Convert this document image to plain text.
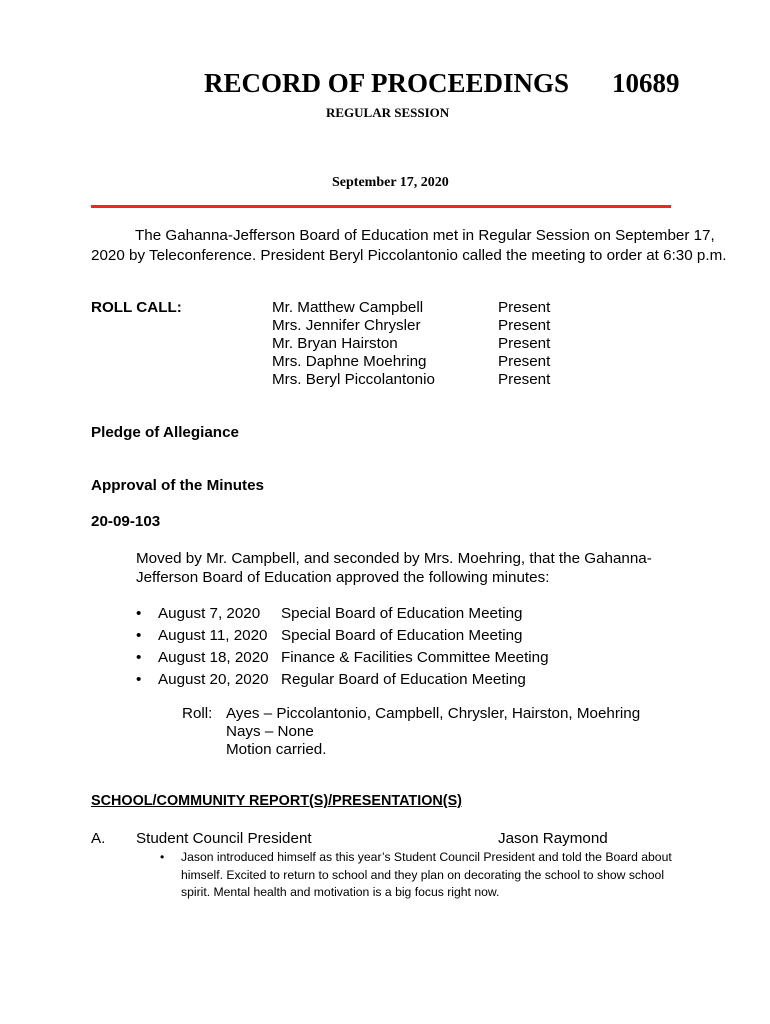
RECORD OF PROCEEDINGS 10689
REGULAR SESSION
September 17, 2020
The Gahanna-Jefferson Board of Education met in Regular Session on September 17,
2020 by Teleconference. President Beryl Piccolantonio called the meeting to order at 6:30 p.m.
ROLL CALL:	Mr. Matthew Campbell
Mrs. Jennifer Chrysler
Mr. Bryan Hairston
Mrs. Daphne Moehring
Mrs. Beryl Piccolantonio
Present
Present
Present
Present
Present
Pledge of Allegiance
Approval of the Minutes
20-09-103
Moved by Mr. Campbell, and seconded by Mrs. Moehring, that the Gahanna-
Jefferson Board of Education approved the following minutes:
• August 7, 2020 Special Board of Education Meeting
• August 11, 2020 Special Board of Education Meeting
• August 18, 2020 Finance & Facilities Committee Meeting
• August 20, 2020 Regular Board of Education Meeting
Roll: Ayes – Piccolantonio, Campbell, Chrysler, Hairston, Moehring
Nays – None
Motion carried.
SCHOOL/COMMUNITY REPORT(S)/PRESENTATION(S)
A. Student Council President	Jason Raymond
• Jason introduced himself as this year’s Student Council President and told the Board about
himself. Excited to return to school and they plan on decorating the school to show school
spirit. Mental health and motivation is a big focus right now.
